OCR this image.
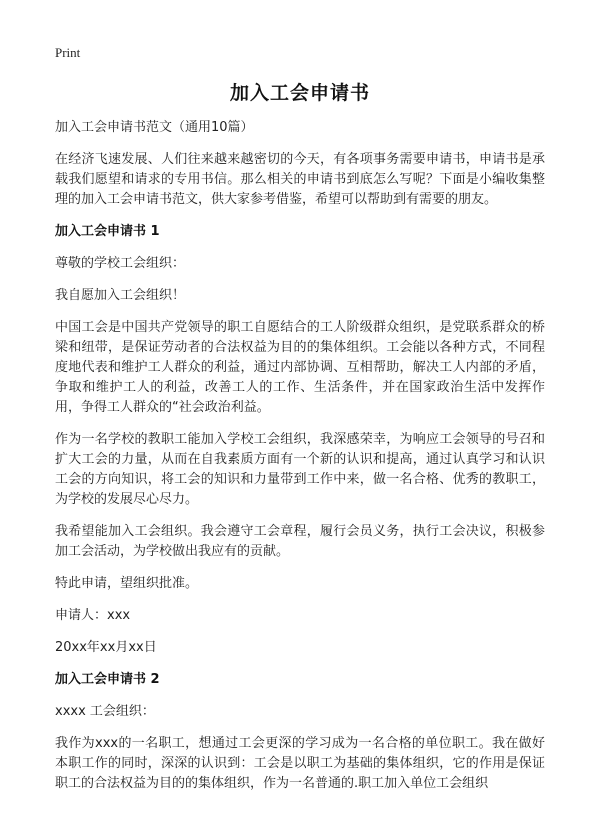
Print
加入工会申请书

加入工会申请书范文（通用10篇）

在经济飞速发展、人们往来越来越密切的今天，有各项事务需要申请书，申请书是承载我们愿望和请求的专用书信。那么相关的申请书到底怎么写呢？下面是小编收集整理的加入工会申请书范文，供大家参考借鉴，希望可以帮助到有需要的朋友。

加入工会申请书 1

尊敬的学校工会组织：

我自愿加入工会组织！

中国工会是中国共产党领导的职工自愿结合的工人阶级群众组织，是党联系群众的桥梁和纽带，是保证劳动者的合法权益为目的的集体组织。工会能以各种方式，不同程度地代表和维护工人群众的利益，通过内部协调、互相帮助，解决工人内部的矛盾，争取和维护工人的利益，改善工人的工作、生活条件，并在国家政治生活中发挥作用，争得工人群众的“社会政治利益。

作为一名学校的教职工能加入学校工会组织，我深感荣幸，为响应工会领导的号召和扩大工会的力量，从而在自我素质方面有一个新的认识和提高，通过认真学习和认识工会的方向知识，将工会的知识和力量带到工作中来，做一名合格、优秀的教职工，为学校的发展尽心尽力。

我希望能加入工会组织。我会遵守工会章程，履行会员义务，执行工会决议，积极参加工会活动，为学校做出我应有的贡献。

特此申请，望组织批准。

申请人：xxx

20xx年xx月xx日

加入工会申请书 2

xxxx 工会组织：

我作为xxx的一名职工，想通过工会更深的学习成为一名合格的单位职工。我在做好本职工作的同时，深深的认识到：工会是以职工为基础的集体组织，它的作用是保证职工的合法权益为目的的集体组织，作为一名普通的.职工加入单位工会组织
